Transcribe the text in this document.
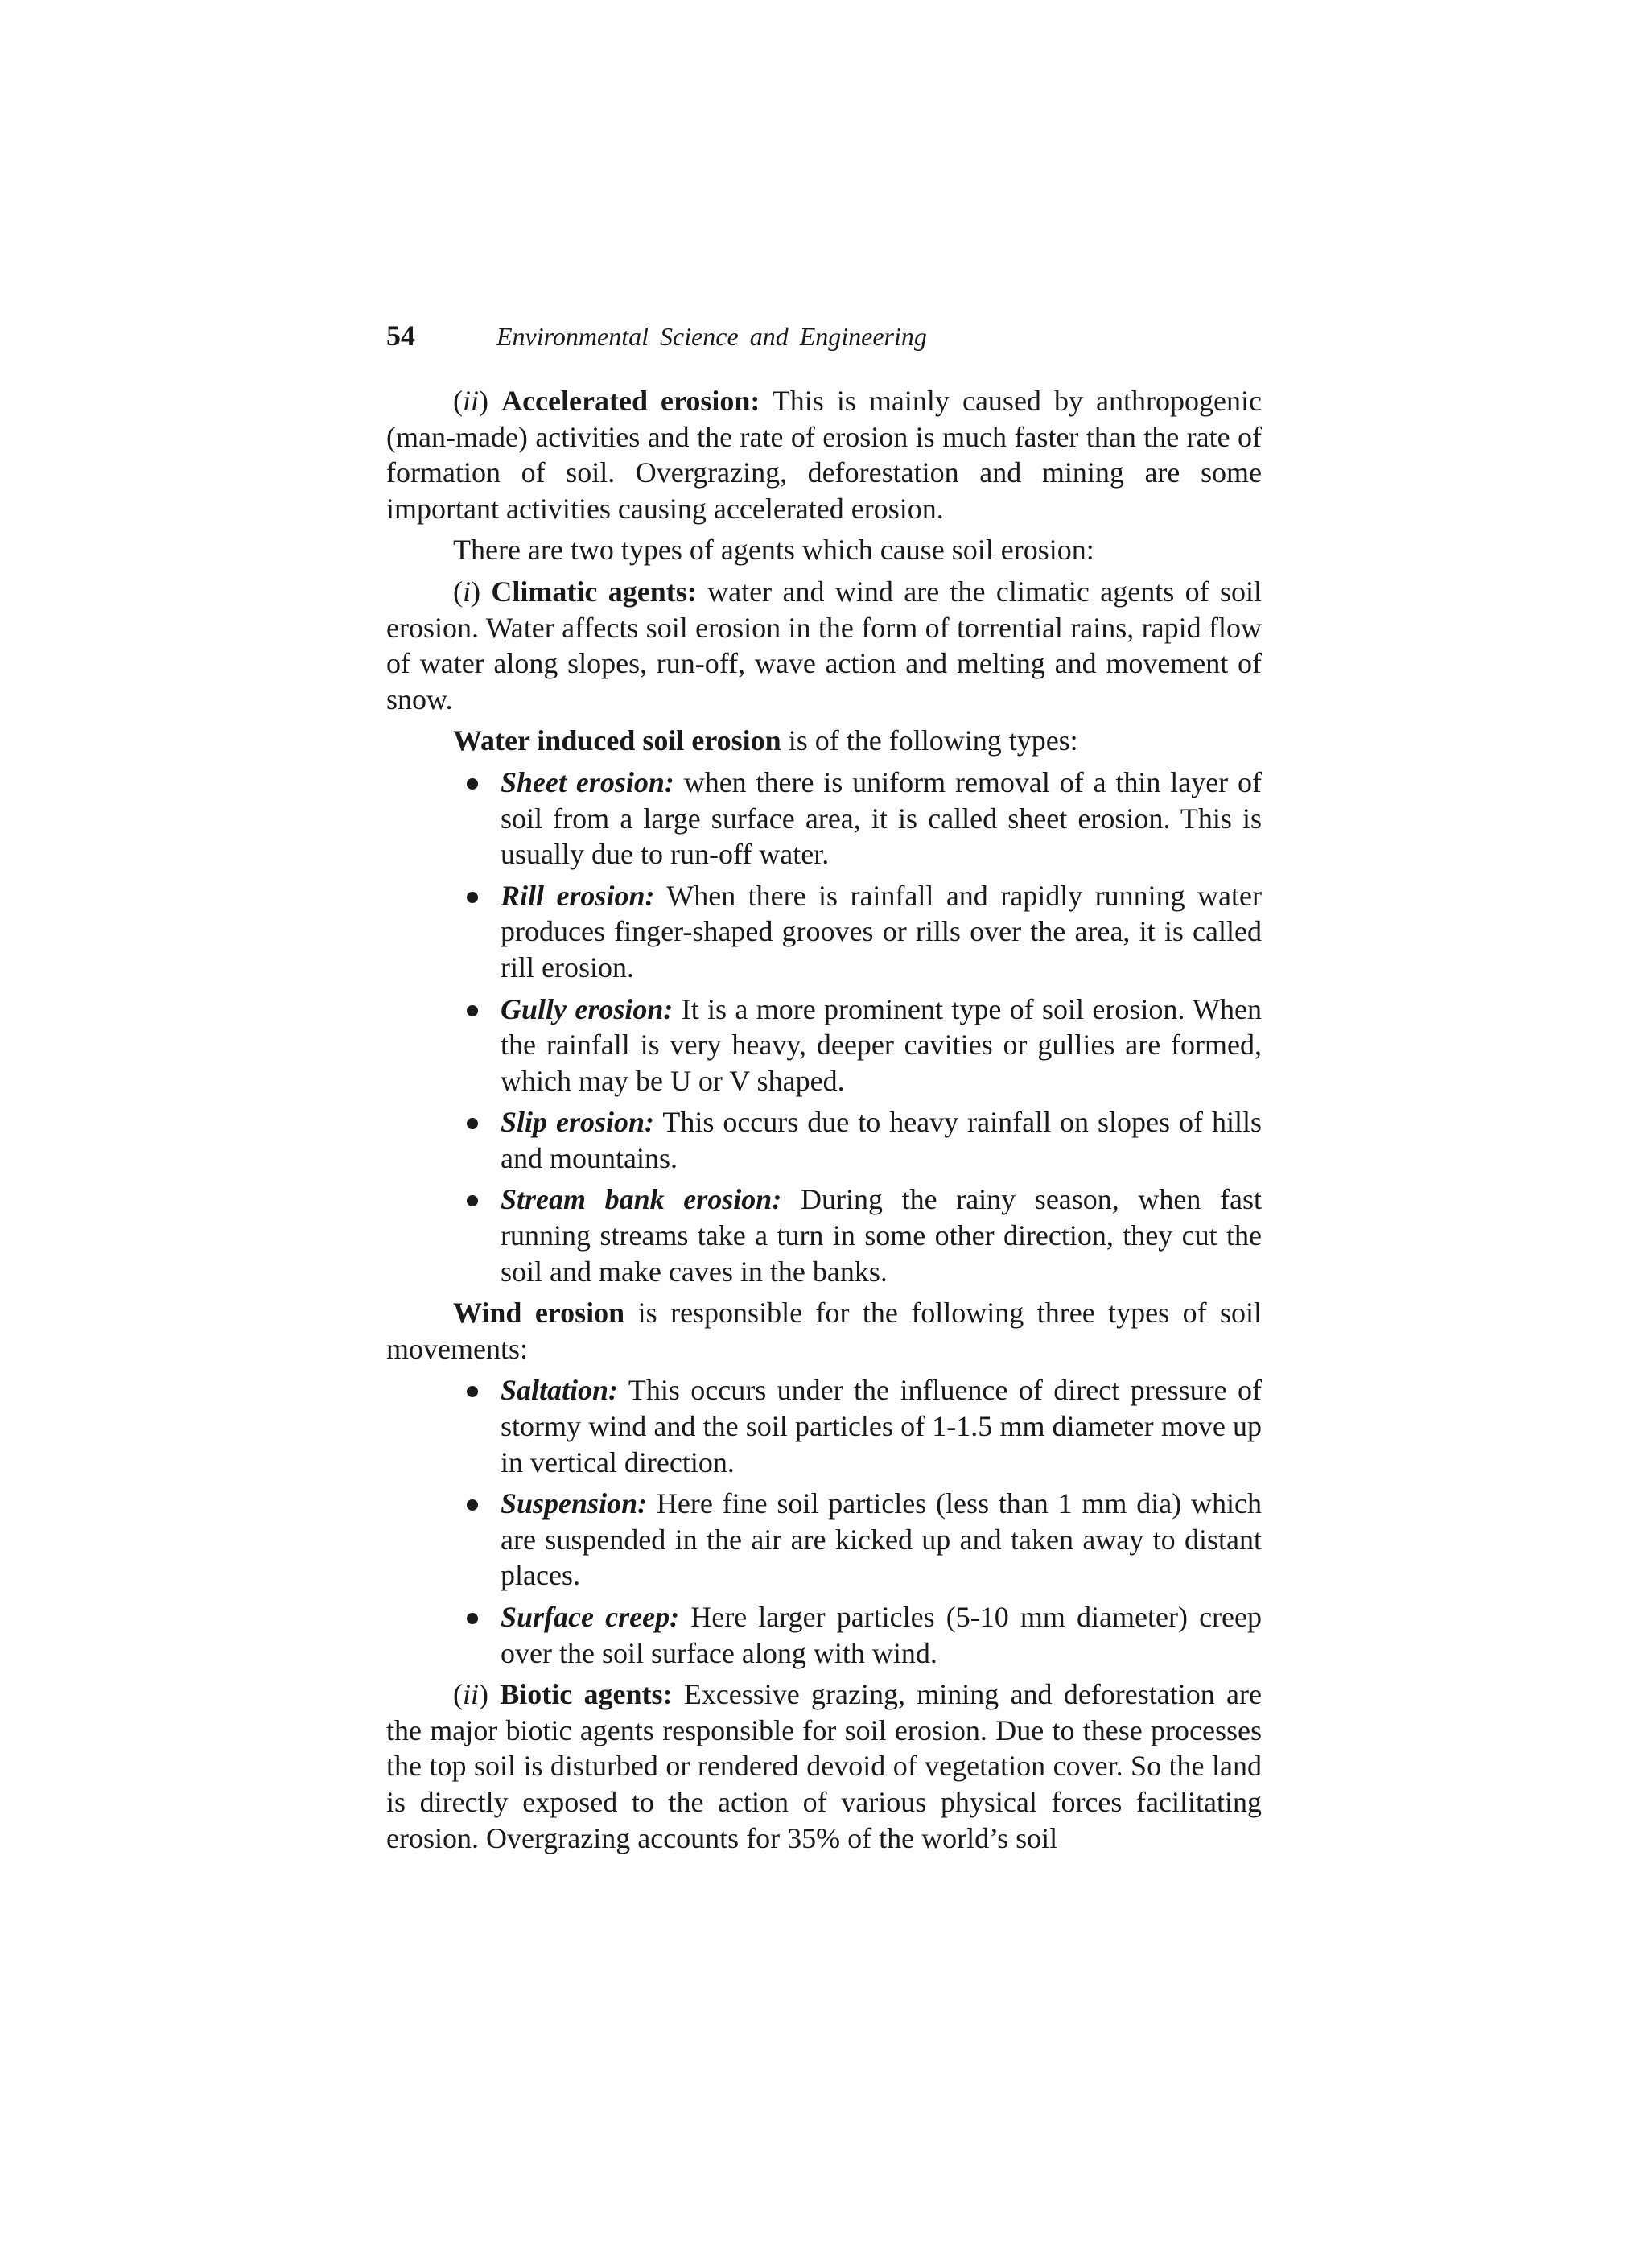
54	Environmental Science and Engineering

(ii) Accelerated erosion: This is mainly caused by anthropogenic (man-made) activities and the rate of erosion is much faster than the rate of formation of soil. Overgrazing, deforestation and mining are some important activities causing accelerated erosion.

There are two types of agents which cause soil erosion:

(i) Climatic agents: water and wind are the climatic agents of soil erosion. Water affects soil erosion in the form of torrential rains, rapid flow of water along slopes, run-off, wave action and melting and movement of snow.

Water induced soil erosion is of the following types:

Sheet erosion: when there is uniform removal of a thin layer of soil from a large surface area, it is called sheet erosion. This is usually due to run-off water.
Rill erosion: When there is rainfall and rapidly running water produces finger-shaped grooves or rills over the area, it is called rill erosion.
Gully erosion: It is a more prominent type of soil erosion. When the rainfall is very heavy, deeper cavities or gullies are formed, which may be U or V shaped.
Slip erosion: This occurs due to heavy rainfall on slopes of hills and mountains.
Stream bank erosion: During the rainy season, when fast running streams take a turn in some other direction, they cut the soil and make caves in the banks.

Wind erosion is responsible for the following three types of soil movements:

Saltation: This occurs under the influence of direct pressure of stormy wind and the soil particles of 1-1.5 mm diameter move up in vertical direction.
Suspension: Here fine soil particles (less than 1 mm dia) which are suspended in the air are kicked up and taken away to distant places.
Surface creep: Here larger particles (5-10 mm diameter) creep over the soil surface along with wind.

(ii) Biotic agents: Excessive grazing, mining and deforestation are the major biotic agents responsible for soil erosion. Due to these processes the top soil is disturbed or rendered devoid of vegetation cover. So the land is directly exposed to the action of various physical forces facilitating erosion. Overgrazing accounts for 35% of the world’s soil
